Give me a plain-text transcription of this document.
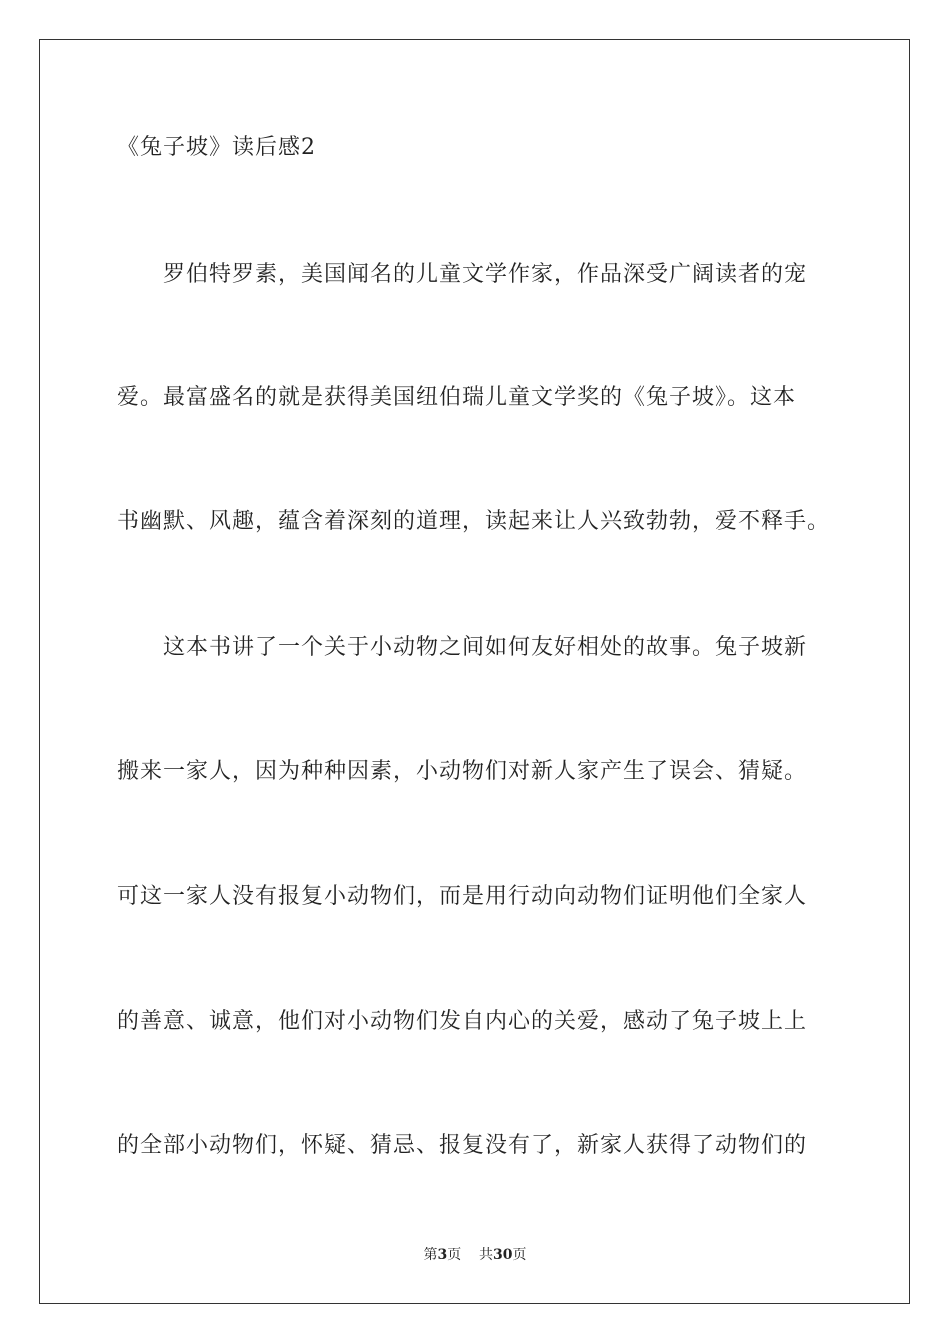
《兔子坡》读后感2
罗伯特罗素，美国闻名的儿童文学作家，作品深受广阔读者的宠
爱。最富盛名的就是获得美国纽伯瑞儿童文学奖的《兔子坡》。这本
书幽默、风趣，蕴含着深刻的道理，读起来让人兴致勃勃，爱不释手。
这本书讲了一个关于小动物之间如何友好相处的故事。兔子坡新
搬来一家人，因为种种因素，小动物们对新人家产生了误会、猜疑。
可这一家人没有报复小动物们，而是用行动向动物们证明他们全家人
的善意、诚意，他们对小动物们发自内心的关爱，感动了兔子坡上上
的全部小动物们，怀疑、猜忌、报复没有了，新家人获得了动物们的
第3页 共30页
